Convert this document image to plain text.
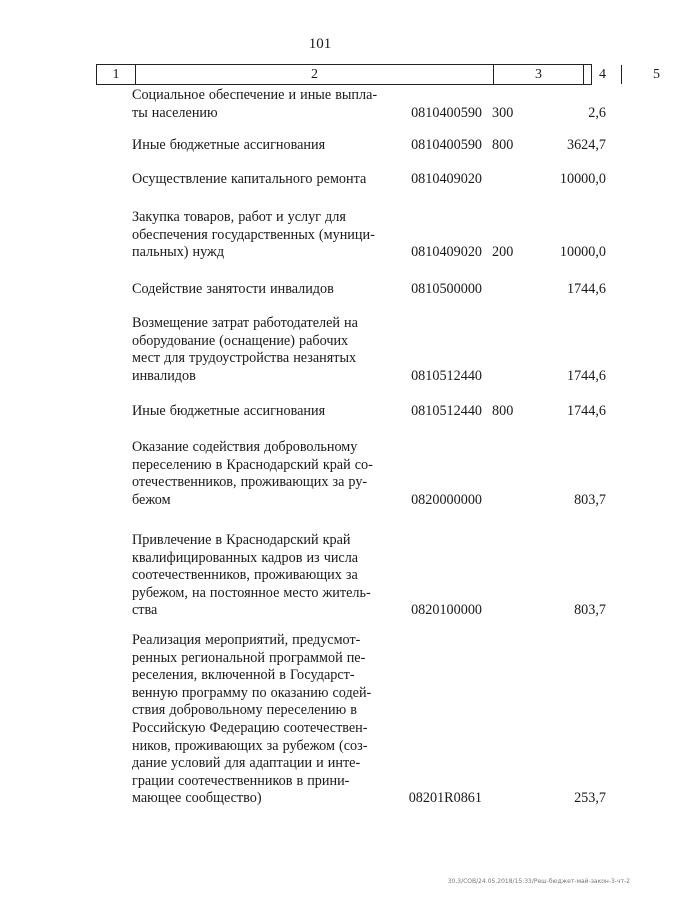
101
1	2	3	4	5
Социальное обеспечение и иные выпла-
ты населению	0810400590 300	2,6
Иные бюджетные ассигнования	0810400590 800	3624,7
Осуществление капитального ремонта	0810409020	10000,0
Закупка товаров, работ и услуг для
обеспечения государственных (муници-
пальных) нужд	0810409020 200	10000,0
Содействие занятости инвалидов	0810500000	1744,6
Возмещение затрат работодателей на
оборудование (оснащение) рабочих
мест для трудоустройства незанятых
инвалидов	0810512440	1744,6
Иные бюджетные ассигнования	0810512440 800	1744,6
Оказание содействия добровольному
переселению в Краснодарский край со-
отечественников, проживающих за ру-
бежом	0820000000	803,7
Привлечение в Краснодарский край
квалифицированных кадров из числа
соотечественников, проживающих за
рубежом, на постоянное место житель-
ства	0820100000	803,7
Реализация мероприятий, предусмот-
ренных региональной программой пе-
реселения, включенной в Государст-
венную программу по оказанию содей-
ствия добровольному переселению в
Российскую Федерацию соотечествен-
ников, проживающих за рубежом (соз-
дание условий для адаптации и инте-
грации соотечественников в прини-
мающее сообщество)	08201R0861	253,7
30.3/СОВ/24.05.2018/15:33/Реш-бюджет-май-закон-3-чт-2
